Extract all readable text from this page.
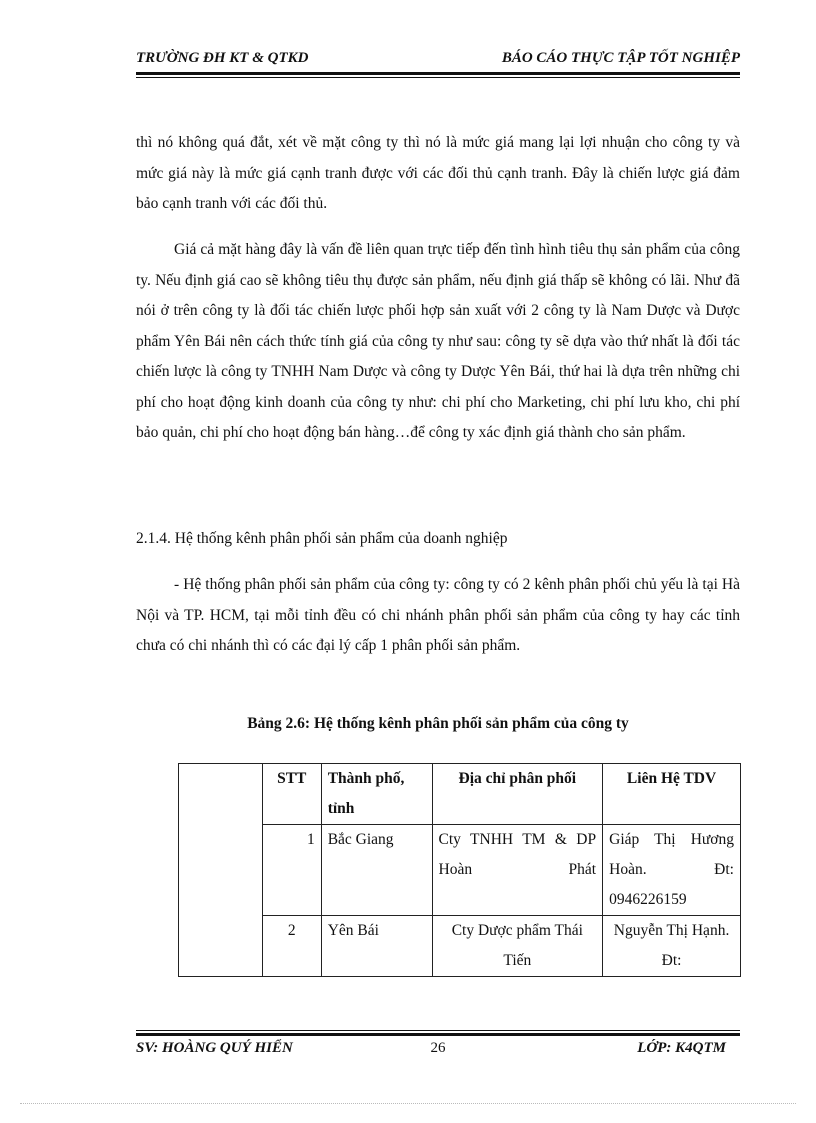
TRƯỜNG ĐH KT & QTKD	BÁO CÁO THỰC TẬP TỐT NGHIỆP

thì nó không quá đắt, xét về mặt công ty thì nó là mức giá mang lại lợi nhuận cho công ty và mức giá này là mức giá cạnh tranh được với các đối thủ cạnh tranh. Đây là chiến lược giá đảm bảo cạnh tranh với các đối thủ.

Giá cả mặt hàng đây là vấn đề liên quan trực tiếp đến tình hình tiêu thụ sản phẩm của công ty. Nếu định giá cao sẽ không tiêu thụ được sản phẩm, nếu định giá thấp sẽ không có lãi. Như đã nói ở trên công ty là đối tác chiến lược phối hợp sản xuất với 2 công ty là Nam Dược và Dược phẩm Yên Bái nên cách thức tính giá của công ty như sau: công ty sẽ dựa vào thứ nhất là đối tác chiến lược là công ty TNHH Nam Dược và công ty Dược Yên Bái, thứ hai là dựa trên những chi phí cho hoạt động kinh doanh của công ty như: chi phí cho Marketing, chi phí lưu kho, chi phí bảo quản, chi phí cho hoạt động bán hàng…để công ty xác định giá thành cho sản phẩm.

2.1.4. Hệ thống kênh phân phối sản phẩm của doanh nghiệp

- Hệ thống phân phối sản phẩm của công ty: công ty có 2 kênh phân phối chủ yếu là tại Hà Nội và TP. HCM, tại mỗi tỉnh đều có chi nhánh phân phối sản phẩm của công ty hay các tỉnh chưa có chi nhánh thì có các đại lý cấp 1 phân phối sản phẩm.

Bảng 2.6: Hệ thống kênh phân phối sản phẩm của công ty

	STT	Thành phố, tỉnh	Địa chỉ phân phối	Liên Hệ TDV
	1	Bắc Giang	Cty TNHH TM & DP Hoàn Phát	Giáp Thị Hương Hoàn. Đt: 0946226159
	2	Yên Bái	Cty Dược phẩm Thái Tiến	Nguyễn Thị Hạnh. Đt:
26
SV: HOÀNG QUÝ HIỂN	LỚP: K4QTM
